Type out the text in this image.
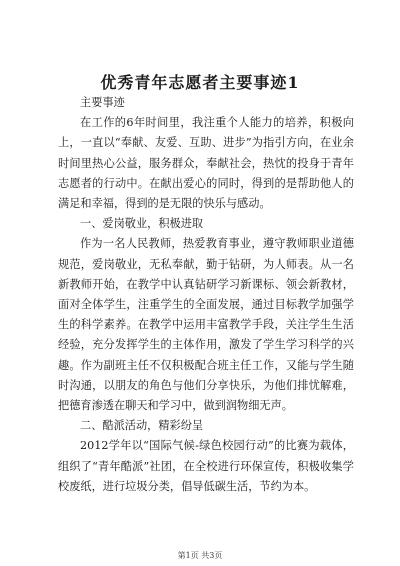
优秀青年志愿者主要事迹1

主要事迹

在工作的6年时间里，我注重个人能力的培养，积极向上，一直以“奉献、友爱、互助、进步”为指引方向，在业余时间里热心公益，服务群众，奉献社会，热忱的投身于青年志愿者的行动中。在献出爱心的同时，得到的是帮助他人的满足和幸福，得到的是无限的快乐与感动。

一、爱岗敬业，积极进取

作为一名人民教师，热爱教育事业，遵守教师职业道德规范，爱岗敬业，无私奉献，勤于钻研，为人师表。从一名新教师开始，在教学中认真钻研学习新课标、领会新教材，面对全体学生，注重学生的全面发展，通过目标教学加强学生的科学素养。在教学中运用丰富教学手段，关注学生生活经验，充分发挥学生的主体作用，激发了学生学习科学的兴趣。作为副班主任不仅积极配合班主任工作，又能与学生随时沟通，以朋友的角色与他们分享快乐，为他们排忧解难，把德育渗透在聊天和学习中，做到润物细无声。

二、酷派活动，精彩纷呈

2012学年以“国际气候-绿色校园行动”的比赛为载体，组织了“青年酷派”社团，在全校进行环保宣传，积极收集学校废纸，进行垃圾分类，倡导低碳生活，节约为本。

第1页 共3页
